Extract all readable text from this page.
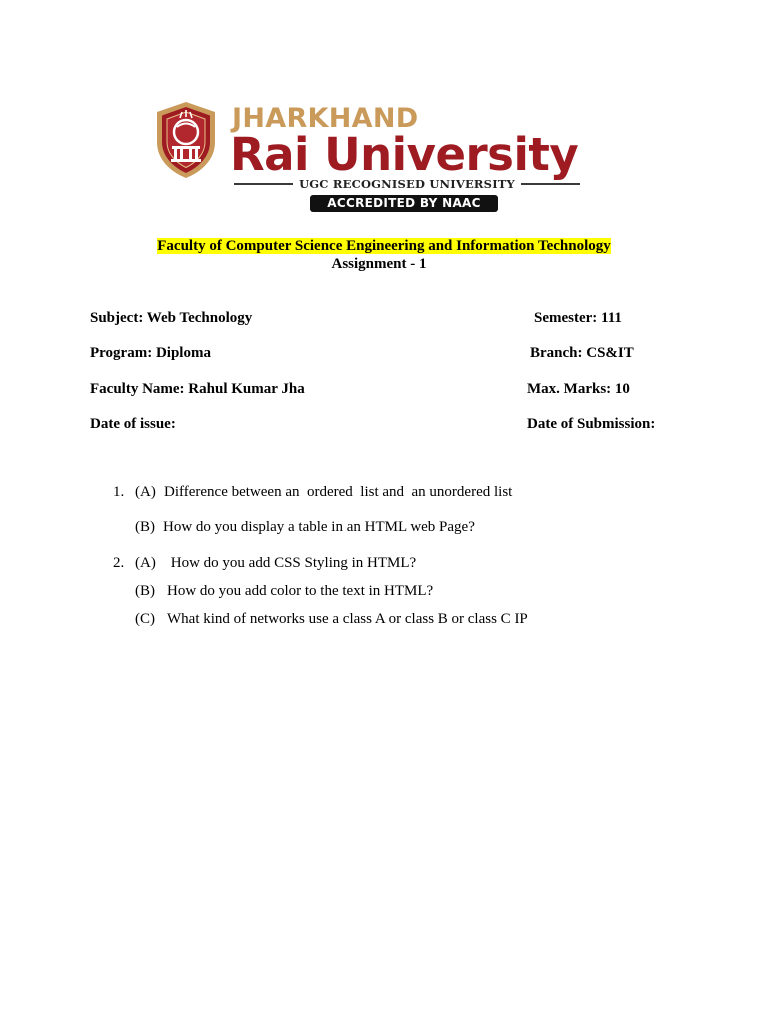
JHARKHAND
Rai University
UGC RECOGNISED UNIVERSITY
ACCREDITED BY NAAC
Faculty of Computer Science Engineering and Information Technology
Assignment - 1
Subject: Web Technology	Semester: 111
Program: Diploma	Branch: CS&IT
Faculty Name: Rahul Kumar Jha	Max. Marks: 10
Date of issue:	Date of Submission:
1. (A) Difference between an  ordered  list and  an unordered list
(B) How do you display a table in an HTML web Page?
2. (A) How do you add CSS Styling in HTML?
(B) How do you add color to the text in HTML?
(C) What kind of networks use a class A or class B or class C IP
